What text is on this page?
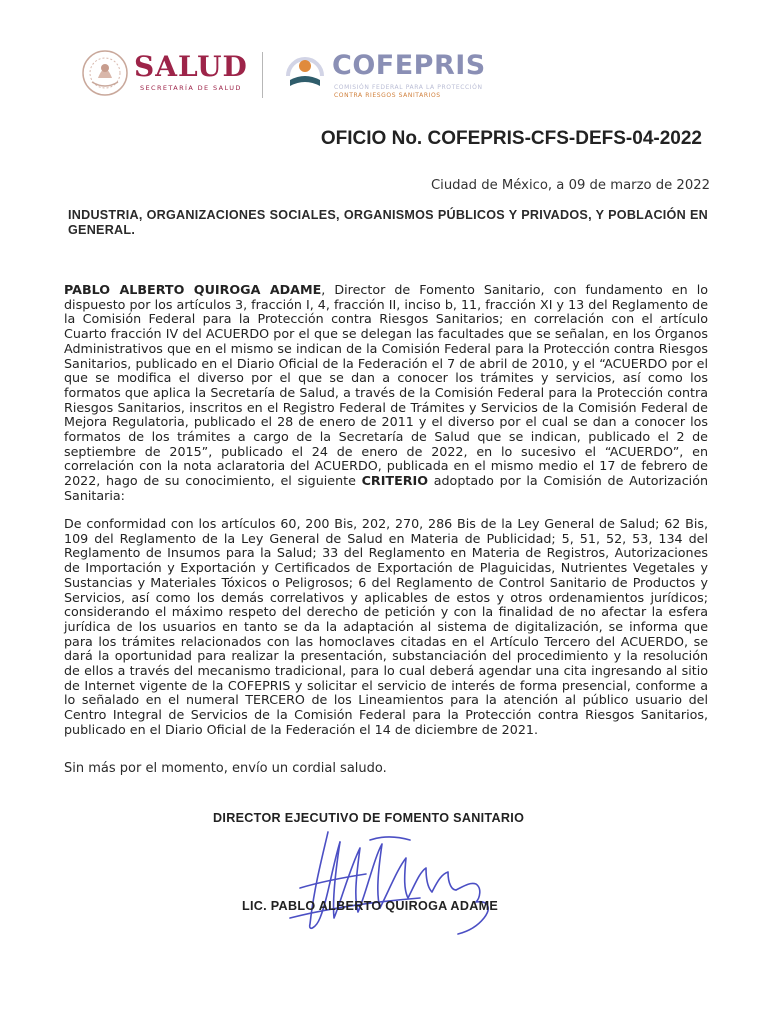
SALUD
SECRETARÍA DE SALUD
COFEPRIS
COMISIÓN FEDERAL PARA LA PROTECCIÓN
CONTRA RIESGOS SANITARIOS
OFICIO No. COFEPRIS-CFS-DEFS-04-2022
Ciudad de México, a 09 de marzo de 2022
INDUSTRIA, ORGANIZACIONES SOCIALES, ORGANISMOS PÚBLICOS Y PRIVADOS, Y POBLACIÓN EN GENERAL.
PABLO ALBERTO QUIROGA ADAME, Director de Fomento Sanitario, con fundamento en lo dispuesto por los artículos 3, fracción I, 4, fracción II, inciso b, 11, fracción XI y 13 del Reglamento de la Comisión Federal para la Protección contra Riesgos Sanitarios; en correlación con el artículo Cuarto fracción IV del ACUERDO por el que se delegan las facultades que se señalan, en los Órganos Administrativos que en el mismo se indican de la Comisión Federal para la Protección contra Riesgos Sanitarios, publicado en el Diario Oficial de la Federación el 7 de abril de 2010, y el “ACUERDO por el que se modifica el diverso por el que se dan a conocer los trámites y servicios, así como los formatos que aplica la Secretaría de Salud, a través de la Comisión Federal para la Protección contra Riesgos Sanitarios, inscritos en el Registro Federal de Trámites y Servicios de la Comisión Federal de Mejora Regulatoria, publicado el 28 de enero de 2011 y el diverso por el cual se dan a conocer los formatos de los trámites a cargo de la Secretaría de Salud que se indican, publicado el 2 de septiembre de 2015”, publicado el 24 de enero de 2022, en lo sucesivo el “ACUERDO”, en correlación con la nota aclaratoria del ACUERDO, publicada en el mismo medio el 17 de febrero de 2022, hago de su conocimiento, el siguiente CRITERIO adoptado por la Comisión de Autorización Sanitaria:
De conformidad con los artículos 60, 200 Bis, 202, 270, 286 Bis de la Ley General de Salud; 62 Bis, 109 del Reglamento de la Ley General de Salud en Materia de Publicidad; 5, 51, 52, 53, 134 del Reglamento de Insumos para la Salud; 33 del Reglamento en Materia de Registros, Autorizaciones de Importación y Exportación y Certificados de Exportación de Plaguicidas, Nutrientes Vegetales y Sustancias y Materiales Tóxicos o Peligrosos; 6 del Reglamento de Control Sanitario de Productos y Servicios, así como los demás correlativos y aplicables de estos y otros ordenamientos jurídicos; considerando el máximo respeto del derecho de petición y con la finalidad de no afectar la esfera jurídica de los usuarios en tanto se da la adaptación al sistema de digitalización, se informa que para los trámites relacionados con las homoclaves citadas en el Artículo Tercero del ACUERDO, se dará la oportunidad para realizar la presentación, substanciación del procedimiento y la resolución de ellos a través del mecanismo tradicional, para lo cual deberá agendar una cita ingresando al sitio de Internet vigente de la COFEPRIS y solicitar el servicio de interés de forma presencial, conforme a lo señalado en el numeral TERCERO de los Lineamientos para la atención al público usuario del Centro Integral de Servicios de la Comisión Federal para la Protección contra Riesgos Sanitarios, publicado en el Diario Oficial de la Federación el 14 de diciembre de 2021.
Sin más por el momento, envío un cordial saludo.
DIRECTOR EJECUTIVO DE FOMENTO SANITARIO
LIC. PABLO ALBERTO QUIROGA ADAME
